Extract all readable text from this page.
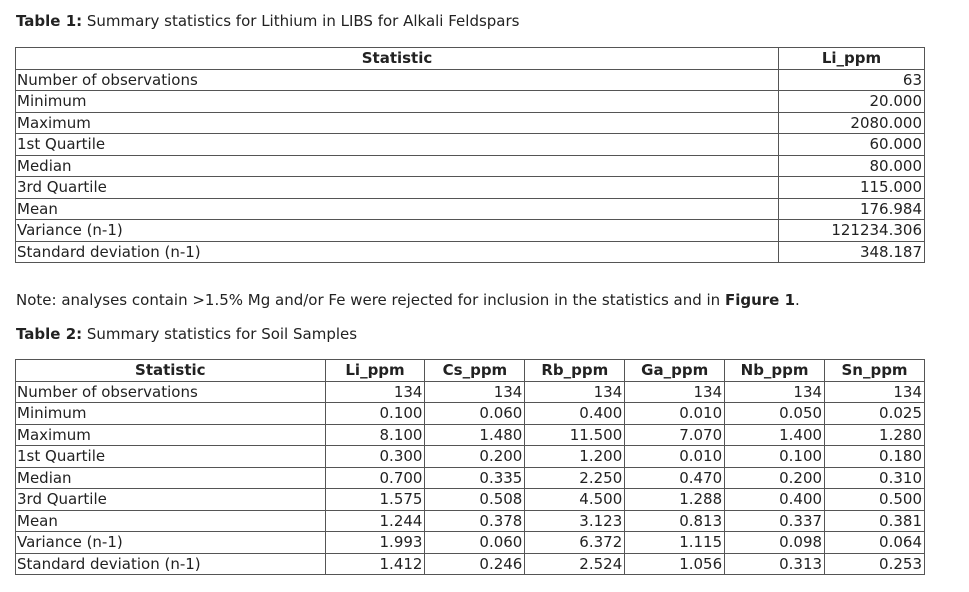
Table 1: Summary statistics for Lithium in LIBS for Alkali Feldspars

Statistic	Li_ppm
Number of observations	63
Minimum	20.000
Maximum	2080.000
1st Quartile	60.000
Median	80.000
3rd Quartile	115.000
Mean	176.984
Variance (n-1)	121234.306
Standard deviation (n-1)	348.187

Note: analyses contain >1.5% Mg and/or Fe were rejected for inclusion in the statistics and in Figure 1.

Table 2: Summary statistics for Soil Samples

Statistic	Li_ppm	Cs_ppm	Rb_ppm	Ga_ppm	Nb_ppm	Sn_ppm
Number of observations	134	134	134	134	134	134
Minimum	0.100	0.060	0.400	0.010	0.050	0.025
Maximum	8.100	1.480	11.500	7.070	1.400	1.280
1st Quartile	0.300	0.200	1.200	0.010	0.100	0.180
Median	0.700	0.335	2.250	0.470	0.200	0.310
3rd Quartile	1.575	0.508	4.500	1.288	0.400	0.500
Mean	1.244	0.378	3.123	0.813	0.337	0.381
Variance (n-1)	1.993	0.060	6.372	1.115	0.098	0.064
Standard deviation (n-1)	1.412	0.246	2.524	1.056	0.313	0.253
